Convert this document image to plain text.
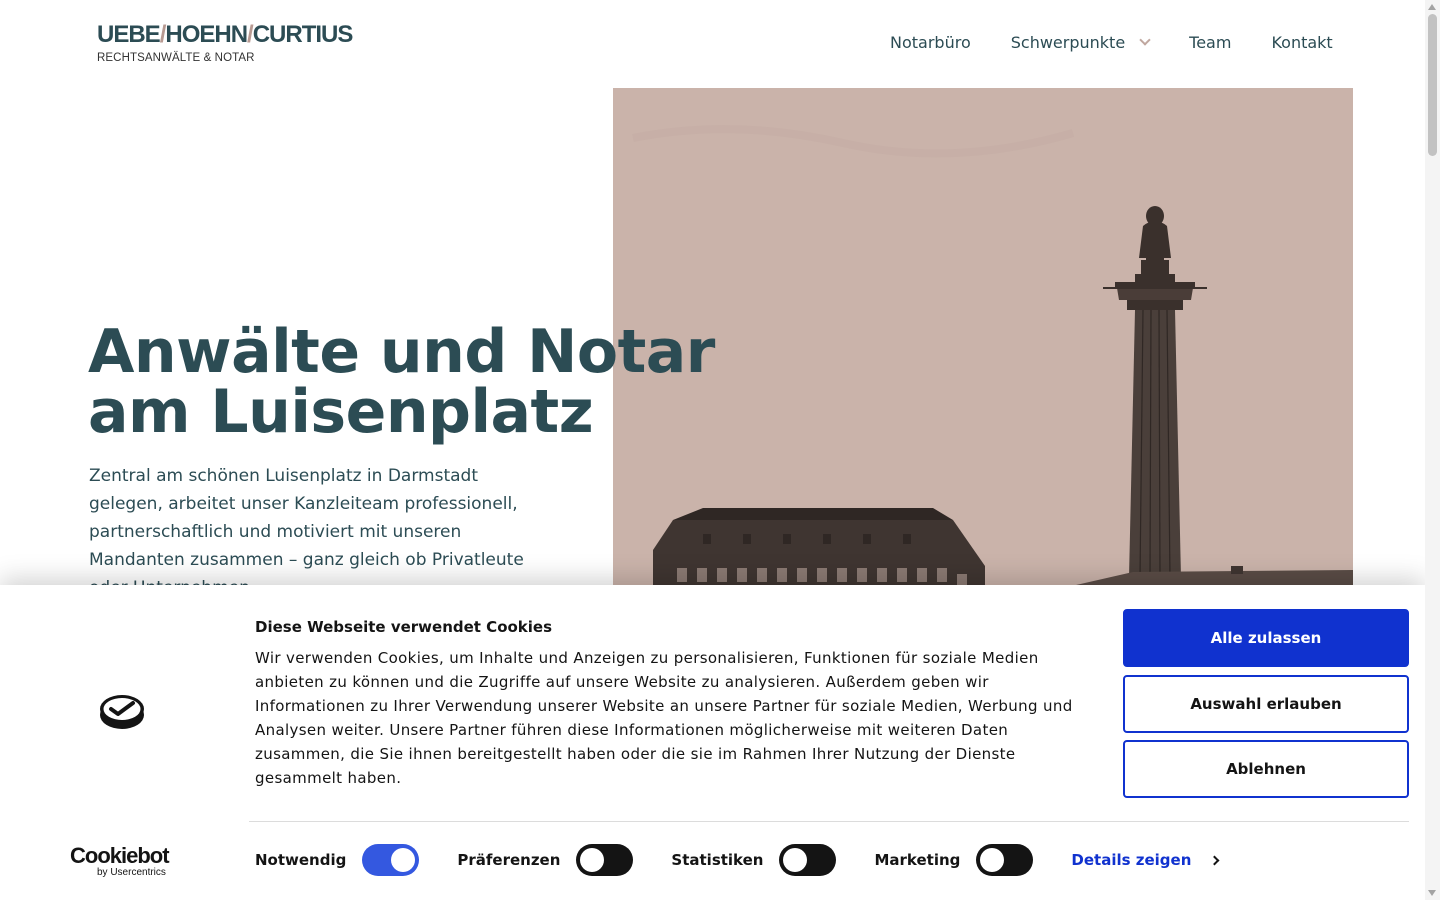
UEBE/HOEHN/CURTIUS
RECHTSANWÄLTE & NOTAR
Notarbüro	Schwerpunkte	Team	Kontakt
Anwälte und Notar
am Luisenplatz

Zentral am schönen Luisenplatz in Darmstadt gelegen, arbeitet unser Kanzleiteam professionell, partnerschaftlich und motiviert mit unseren Mandanten zusammen – ganz gleich ob Privatleute

Cookiebot
by Usercentrics
Diese Webseite verwendet Cookies
Wir verwenden Cookies, um Inhalte und Anzeigen zu personalisieren, Funktionen für soziale Medien anbieten zu können und die Zugriffe auf unsere Website zu analysieren. Außerdem geben wir Informationen zu Ihrer Verwendung unserer Website an unsere Partner für soziale Medien, Werbung und Analysen weiter. Unsere Partner führen diese Informationen möglicherweise mit weiteren Daten zusammen, die Sie ihnen bereitgestellt haben oder die sie im Rahmen Ihrer Nutzung der Dienste gesammelt haben.
Alle zulassen
Auswahl erlauben
Ablehnen
Notwendig	Präferenzen	Statistiken	Marketing	Details zeigen
